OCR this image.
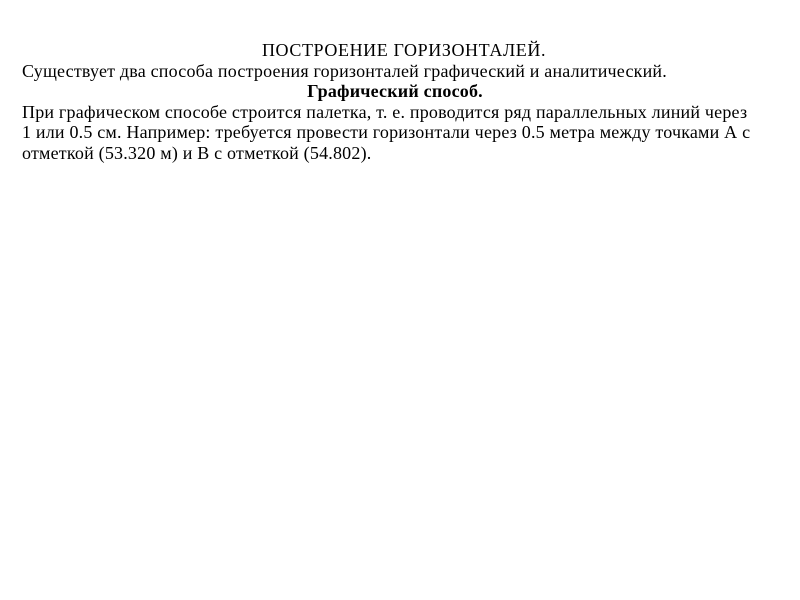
ПОСТРОЕНИЕ ГОРИЗОНТАЛЕЙ.

Существует два способа построения горизонталей графический и аналитический.

Графический способ.

При графическом способе строится палетка, т. е. проводится ряд параллельных линий через 1 или 0.5 см. Например: требуется провести горизонтали через 0.5 метра между точками А с отметкой (53.320 м) и В с отметкой (54.802).
